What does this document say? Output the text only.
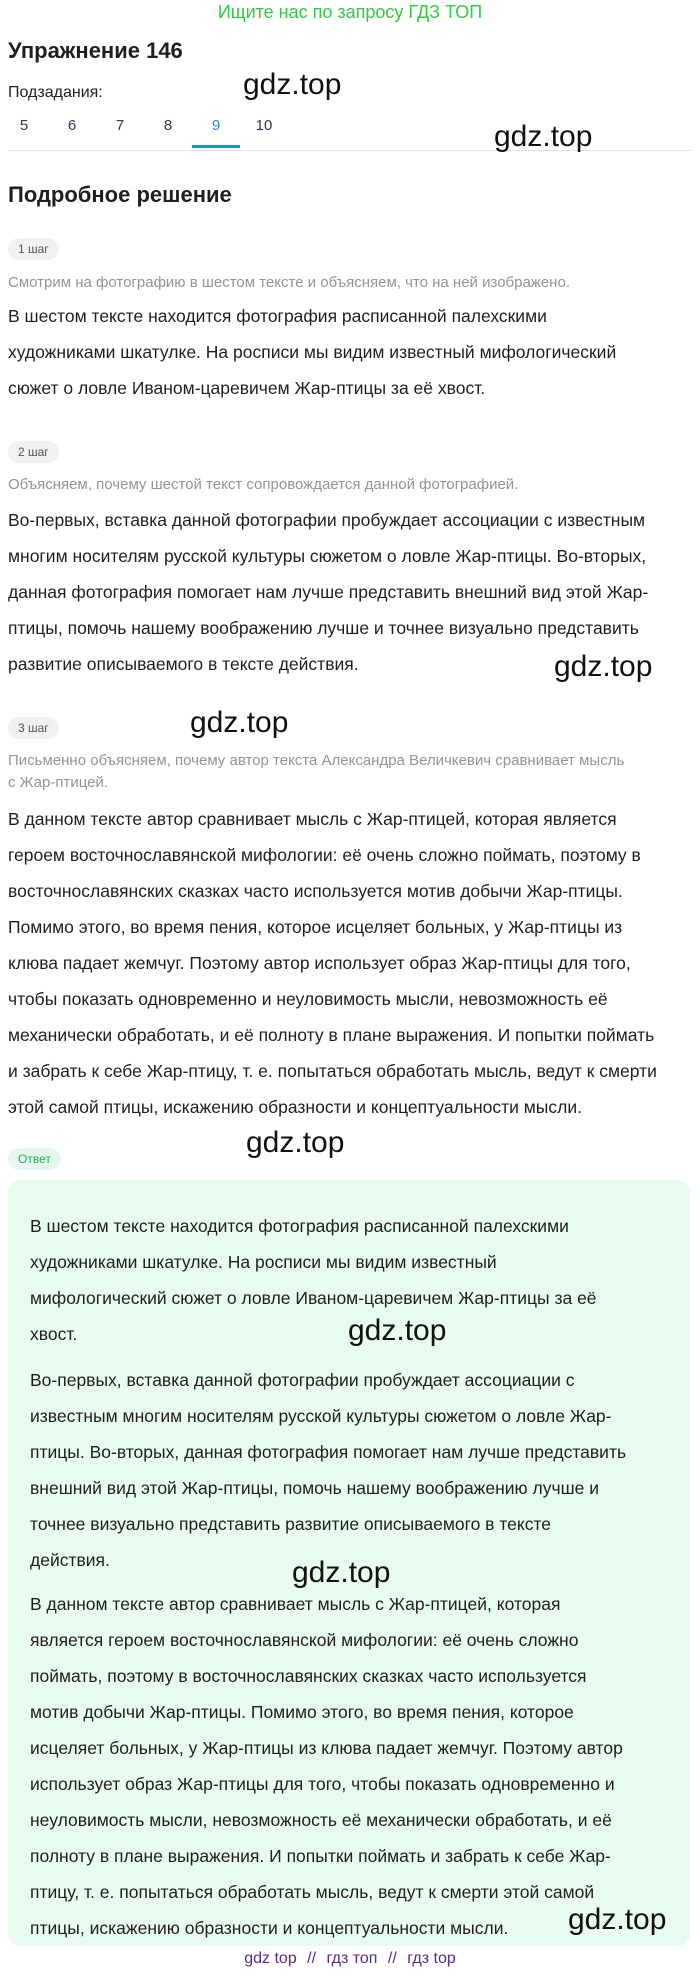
Ищите нас по запросу ГДЗ ТОП
Упражнение 146
Подзадания:
5	6	7	8	9	10
Подробное решение
1 шаг
Смотрим на фотографию в шестом тексте и объясняем, что на ней изображено.
В шестом тексте находится фотография расписанной палехскими
художниками шкатулке. На росписи мы видим известный мифологический
сюжет о ловле Иваном-царевичем Жар-птицы за её хвост.
2 шаг
Объясняем, почему шестой текст сопровождается данной фотографией.
Во-первых, вставка данной фотографии пробуждает ассоциации с известным
многим носителям русской культуры сюжетом о ловле Жар-птицы. Во-вторых,
данная фотография помогает нам лучше представить внешний вид этой Жар-
птицы, помочь нашему воображению лучше и точнее визуально представить
развитие описываемого в тексте действия.
3 шаг
Письменно объясняем, почему автор текста Александра Величкевич сравнивает мысль
с Жар-птицей.
В данном тексте автор сравнивает мысль с Жар-птицей, которая является
героем восточнославянской мифологии: её очень сложно поймать, поэтому в
восточнославянских сказках часто используется мотив добычи Жар-птицы.
Помимо этого, во время пения, которое исцеляет больных, у Жар-птицы из
клюва падает жемчуг. Поэтому автор использует образ Жар-птицы для того,
чтобы показать одновременно и неуловимость мысли, невозможность её
механически обработать, и её полноту в плане выражения. И попытки поймать
и забрать к себе Жар-птицу, т. е. попытаться обработать мысль, ведут к смерти
этой самой птицы, искажению образности и концептуальности мысли.
Ответ
В шестом тексте находится фотография расписанной палехскими
художниками шкатулке. На росписи мы видим известный
мифологический сюжет о ловле Иваном-царевичем Жар-птицы за её
хвост.
Во-первых, вставка данной фотографии пробуждает ассоциации с
известным многим носителям русской культуры сюжетом о ловле Жар-
птицы. Во-вторых, данная фотография помогает нам лучше представить
внешний вид этой Жар-птицы, помочь нашему воображению лучше и
точнее визуально представить развитие описываемого в тексте
действия.
В данном тексте автор сравнивает мысль с Жар-птицей, которая
является героем восточнославянской мифологии: её очень сложно
поймать, поэтому в восточнославянских сказках часто используется
мотив добычи Жар-птицы. Помимо этого, во время пения, которое
исцеляет больных, у Жар-птицы из клюва падает жемчуг. Поэтому автор
использует образ Жар-птицы для того, чтобы показать одновременно и
неуловимость мысли, невозможность её механически обработать, и её
полноту в плане выражения. И попытки поймать и забрать к себе Жар-
птицу, т. е. попытаться обработать мысль, ведут к смерти этой самой
птицы, искажению образности и концептуальности мысли.
gdz.top
gdz.top
gdz.top
gdz.top
gdz.top
gdz.top
gdz.top
gdz.top
gdz top // гдз топ // гдз top
